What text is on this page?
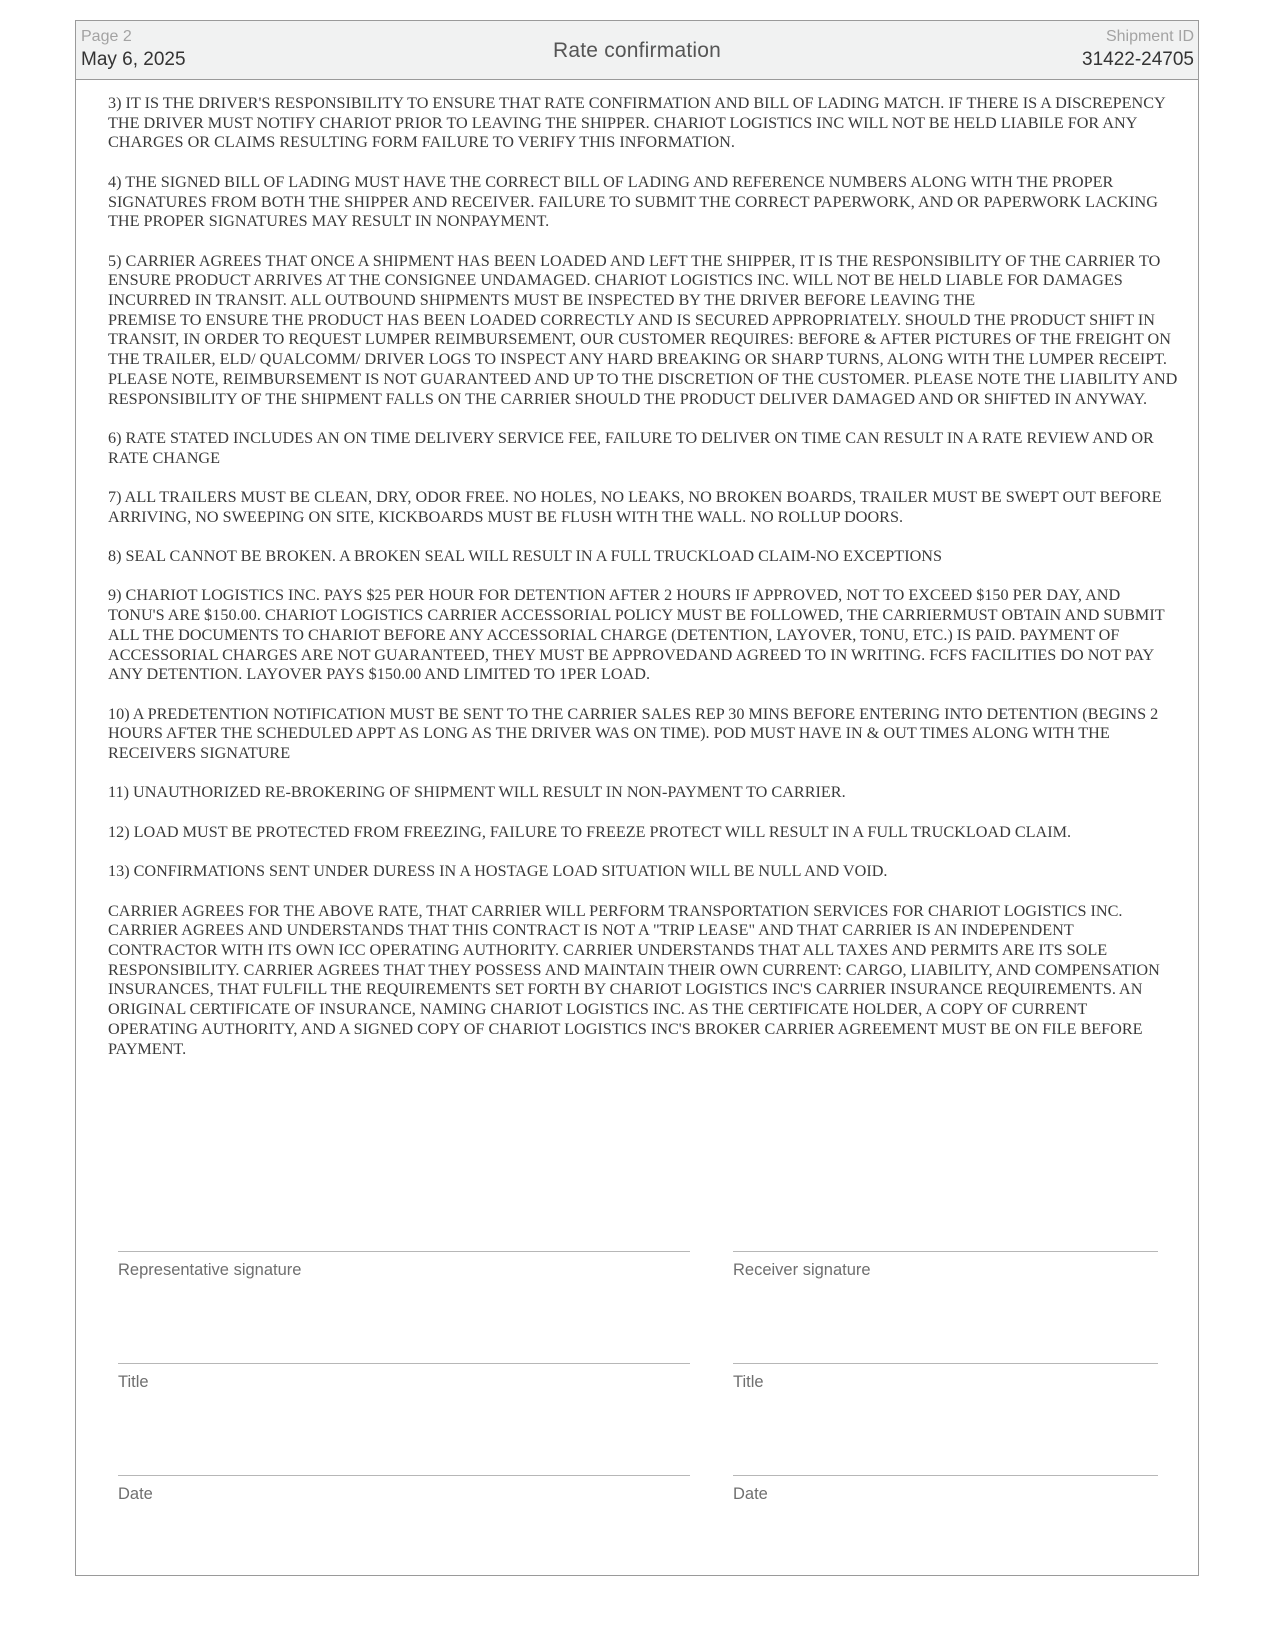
Page 2
May 6, 2025	Rate confirmation
Shipment ID
31422-24705

3) IT IS THE DRIVER'S RESPONSIBILITY TO ENSURE THAT RATE CONFIRMATION AND BILL OF LADING MATCH. IF THERE IS A DISCREPENCY THE DRIVER MUST NOTIFY CHARIOT PRIOR TO LEAVING THE SHIPPER. CHARIOT LOGISTICS INC WILL NOT BE HELD LIABILE FOR ANY CHARGES OR CLAIMS RESULTING FORM FAILURE TO VERIFY THIS INFORMATION.

4) THE SIGNED BILL OF LADING MUST HAVE THE CORRECT BILL OF LADING AND REFERENCE NUMBERS ALONG WITH THE PROPER SIGNATURES FROM BOTH THE SHIPPER AND RECEIVER. FAILURE TO SUBMIT THE CORRECT PAPERWORK, AND OR PAPERWORK LACKING THE PROPER SIGNATURES MAY RESULT IN NONPAYMENT.

5) CARRIER AGREES THAT ONCE A SHIPMENT HAS BEEN LOADED AND LEFT THE SHIPPER, IT IS THE RESPONSIBILITY OF THE CARRIER TO ENSURE PRODUCT ARRIVES AT THE CONSIGNEE UNDAMAGED. CHARIOT LOGISTICS INC. WILL NOT BE HELD LIABLE FOR DAMAGES INCURRED IN TRANSIT. ALL OUTBOUND SHIPMENTS MUST BE INSPECTED BY THE DRIVER BEFORE LEAVING THE
PREMISE TO ENSURE THE PRODUCT HAS BEEN LOADED CORRECTLY AND IS SECURED APPROPRIATELY. SHOULD THE PRODUCT SHIFT IN TRANSIT, IN ORDER TO REQUEST LUMPER REIMBURSEMENT, OUR CUSTOMER REQUIRES: BEFORE & AFTER PICTURES OF THE FREIGHT ON THE TRAILER, ELD/ QUALCOMM/ DRIVER LOGS TO INSPECT ANY HARD BREAKING OR SHARP TURNS, ALONG WITH THE LUMPER RECEIPT. PLEASE NOTE, REIMBURSEMENT IS NOT GUARANTEED AND UP TO THE DISCRETION OF THE CUSTOMER. PLEASE NOTE THE LIABILITY AND RESPONSIBILITY OF THE SHIPMENT FALLS ON THE CARRIER SHOULD THE PRODUCT DELIVER DAMAGED AND OR SHIFTED IN ANYWAY.

6) RATE STATED INCLUDES AN ON TIME DELIVERY SERVICE FEE, FAILURE TO DELIVER ON TIME CAN RESULT IN A RATE REVIEW AND OR RATE CHANGE

7) ALL TRAILERS MUST BE CLEAN, DRY, ODOR FREE. NO HOLES, NO LEAKS, NO BROKEN BOARDS, TRAILER MUST BE SWEPT OUT BEFORE ARRIVING, NO SWEEPING ON SITE, KICKBOARDS MUST BE FLUSH WITH THE WALL. NO ROLLUP DOORS.

8) SEAL CANNOT BE BROKEN. A BROKEN SEAL WILL RESULT IN A FULL TRUCKLOAD CLAIM-NO EXCEPTIONS

9) CHARIOT LOGISTICS INC. PAYS $25 PER HOUR FOR DETENTION AFTER 2 HOURS IF APPROVED, NOT TO EXCEED $150 PER DAY, AND TONU'S ARE $150.00. CHARIOT LOGISTICS CARRIER ACCESSORIAL POLICY MUST BE FOLLOWED, THE CARRIERMUST OBTAIN AND SUBMIT ALL THE DOCUMENTS TO CHARIOT BEFORE ANY ACCESSORIAL CHARGE (DETENTION, LAYOVER, TONU, ETC.) IS PAID. PAYMENT OF ACCESSORIAL CHARGES ARE NOT GUARANTEED, THEY MUST BE APPROVEDAND AGREED TO IN WRITING. FCFS FACILITIES DO NOT PAY ANY DETENTION. LAYOVER PAYS $150.00 AND LIMITED TO 1PER LOAD.

10) A PREDETENTION NOTIFICATION MUST BE SENT TO THE CARRIER SALES REP 30 MINS BEFORE ENTERING INTO DETENTION (BEGINS 2 HOURS AFTER THE SCHEDULED APPT AS LONG AS THE DRIVER WAS ON TIME). POD MUST HAVE IN & OUT TIMES ALONG WITH THE RECEIVERS SIGNATURE

11) UNAUTHORIZED RE-BROKERING OF SHIPMENT WILL RESULT IN NON-PAYMENT TO CARRIER.

12) LOAD MUST BE PROTECTED FROM FREEZING, FAILURE TO FREEZE PROTECT WILL RESULT IN A FULL TRUCKLOAD CLAIM.

13) CONFIRMATIONS SENT UNDER DURESS IN A HOSTAGE LOAD SITUATION WILL BE NULL AND VOID.

CARRIER AGREES FOR THE ABOVE RATE, THAT CARRIER WILL PERFORM TRANSPORTATION SERVICES FOR CHARIOT LOGISTICS INC. CARRIER AGREES AND UNDERSTANDS THAT THIS CONTRACT IS NOT A "TRIP LEASE" AND THAT CARRIER IS AN INDEPENDENT CONTRACTOR WITH ITS OWN ICC OPERATING AUTHORITY. CARRIER UNDERSTANDS THAT ALL TAXES AND PERMITS ARE ITS SOLE RESPONSIBILITY. CARRIER AGREES THAT THEY POSSESS AND MAINTAIN THEIR OWN CURRENT: CARGO, LIABILITY, AND COMPENSATION INSURANCES, THAT FULFILL THE REQUIREMENTS SET FORTH BY CHARIOT LOGISTICS INC'S CARRIER INSURANCE REQUIREMENTS. AN ORIGINAL CERTIFICATE OF INSURANCE, NAMING CHARIOT LOGISTICS INC. AS THE CERTIFICATE HOLDER, A COPY OF CURRENT OPERATING AUTHORITY, AND A SIGNED COPY OF CHARIOT LOGISTICS INC'S BROKER CARRIER AGREEMENT MUST BE ON FILE BEFORE PAYMENT.

Representative signature	Receiver signature
Title	Title
Date	Date
